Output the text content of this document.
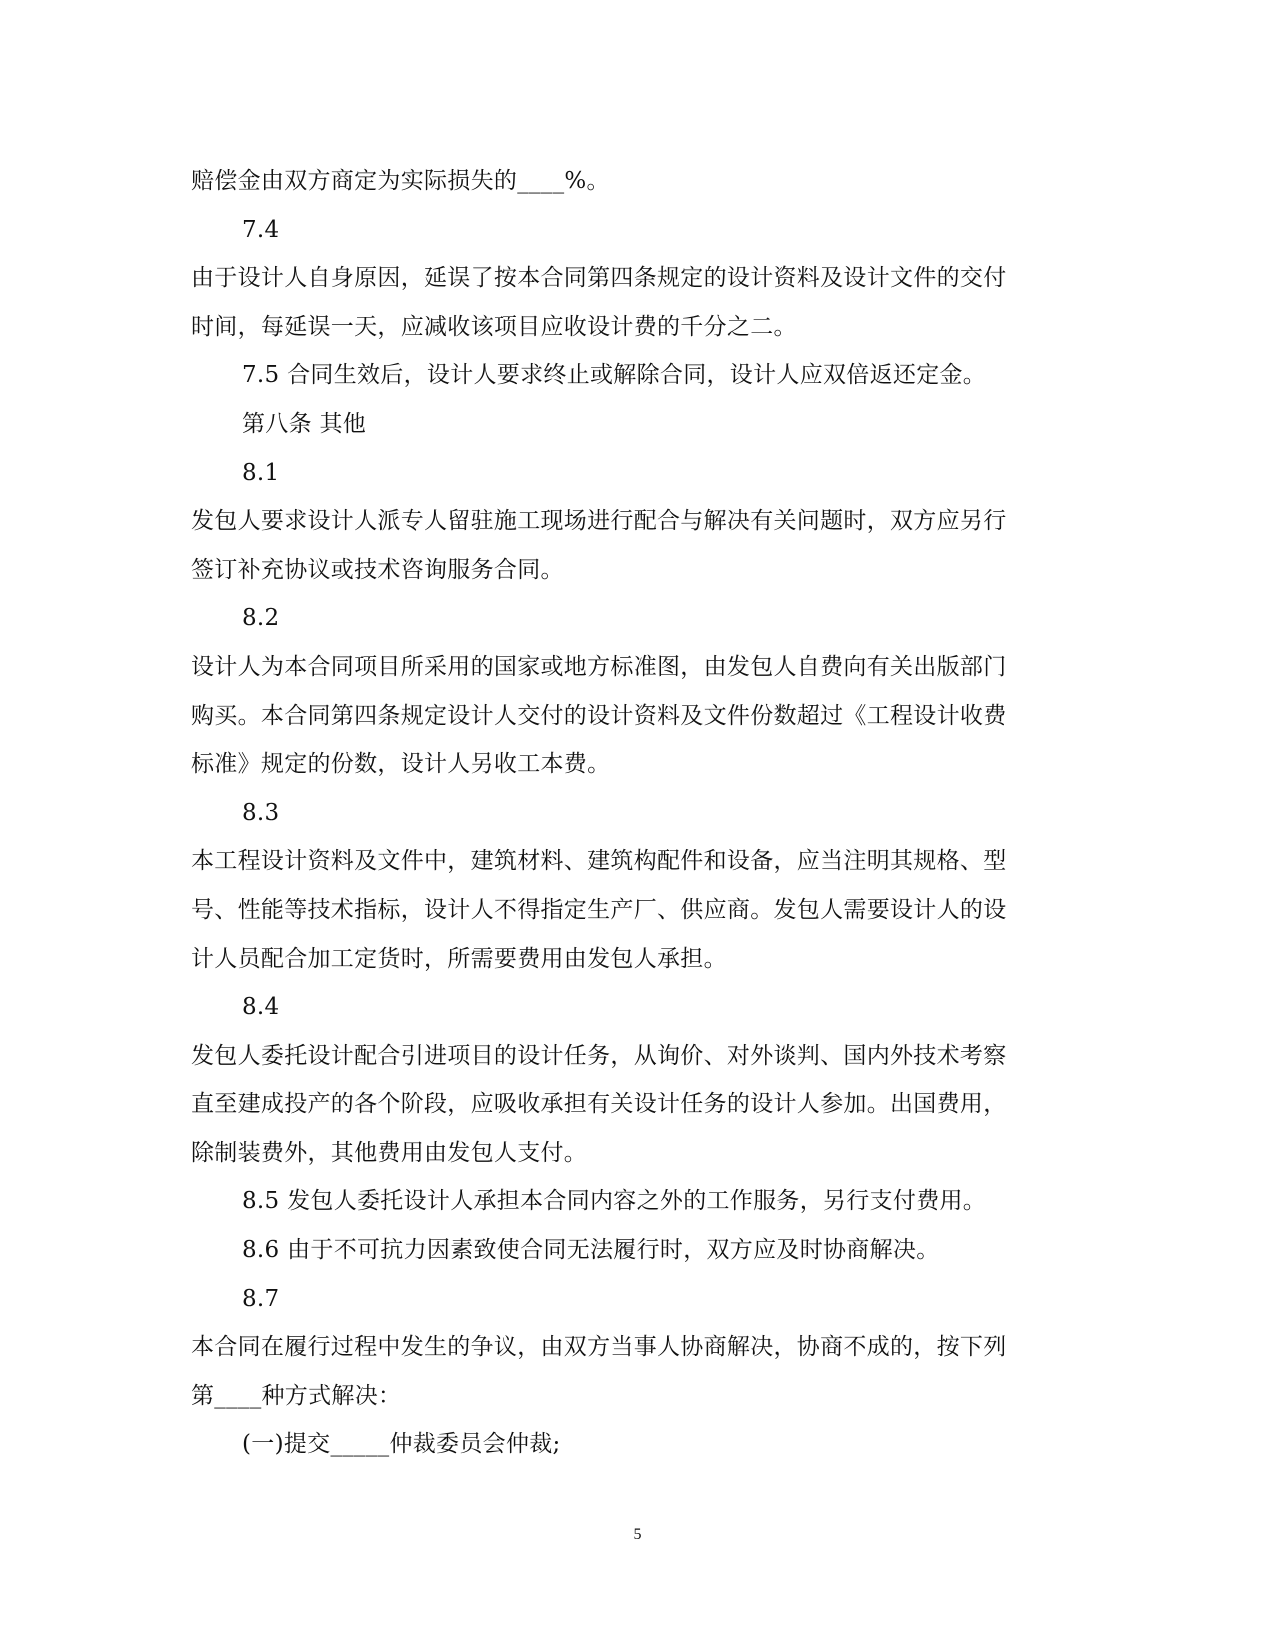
赔偿金由双方商定为实际损失的____%。
7.4
由于设计人自身原因，延误了按本合同第四条规定的设计资料及设计文件的交付
时间，每延误一天，应减收该项目应收设计费的千分之二。
7.5 合同生效后，设计人要求终止或解除合同，设计人应双倍返还定金。
第八条 其他
8.1
发包人要求设计人派专人留驻施工现场进行配合与解决有关问题时，双方应另行
签订补充协议或技术咨询服务合同。
8.2
设计人为本合同项目所采用的国家或地方标准图，由发包人自费向有关出版部门
购买。本合同第四条规定设计人交付的设计资料及文件份数超过《工程设计收费
标准》规定的份数，设计人另收工本费。
8.3
本工程设计资料及文件中，建筑材料、建筑构配件和设备，应当注明其规格、型
号、性能等技术指标，设计人不得指定生产厂、供应商。发包人需要设计人的设
计人员配合加工定货时，所需要费用由发包人承担。
8.4
发包人委托设计配合引进项目的设计任务，从询价、对外谈判、国内外技术考察
直至建成投产的各个阶段，应吸收承担有关设计任务的设计人参加。出国费用，
除制装费外，其他费用由发包人支付。
8.5 发包人委托设计人承担本合同内容之外的工作服务，另行支付费用。
8.6 由于不可抗力因素致使合同无法履行时，双方应及时协商解决。
8.7
本合同在履行过程中发生的争议，由双方当事人协商解决，协商不成的，按下列
第____种方式解决：
(一)提交_____仲裁委员会仲裁;
5
